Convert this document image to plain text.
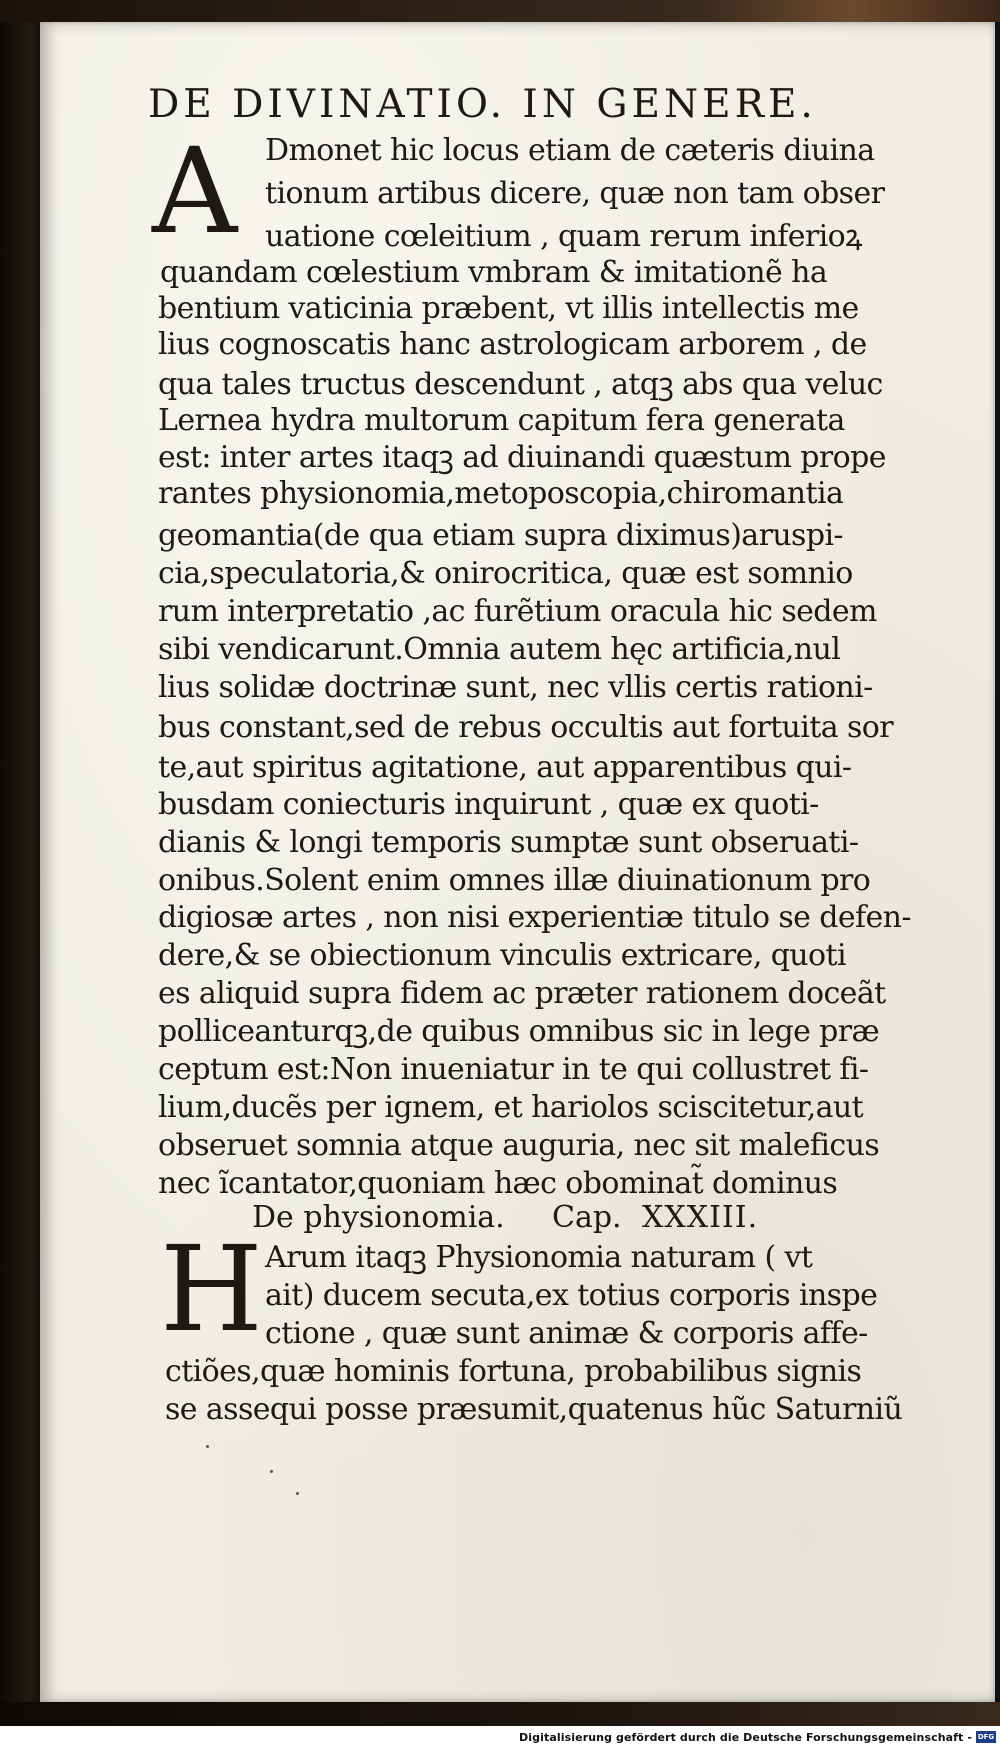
DE DIVINATIO. IN GENERE.
A Dmonet hic locus etiam de cæteris diuina
tionum artibus dicere, quæ non tam obser
uatione cœleitium , quam rerum inferioꝝ
quandam cœlestium vmbram & imitationẽ ha
bentium vaticinia præbent, vt illis intellectis me
lius cognoscatis hanc astrologicam arborem , de
qua tales tructus descendunt , atqꝫ abs qua veluc
Lernea hydra multorum capitum fera generata
est: inter artes itaqꝫ ad diuinandi quæstum prope
rantes physionomia,metoposcopia,chiromantia
geomantia(de qua etiam supra diximus)aruspi-
cia,speculatoria,& onirocritica, quæ est somnio
rum interpretatio ,ac furẽtium oracula hic sedem
sibi vendicarunt.Omnia autem hęc artificia,nul
lius solidæ doctrinæ sunt, nec vllis certis rationi-
bus constant,sed de rebus occultis aut fortuita sor
te,aut spiritus agitatione, aut apparentibus qui-
busdam coniecturis inquirunt , quæ ex quoti-
dianis & longi temporis sumptæ sunt obseruati-
onibus.Solent enim omnes illæ diuinationum pro
digiosæ artes , non nisi experientiæ titulo se defen-
dere,& se obiectionum vinculis extricare, quoti
es aliquid supra fidem ac præter rationem doceãt
polliceanturqꝫ,de quibus omnibus sic in lege præ
ceptum est:Non inueniatur in te qui collustret fi-
lium,ducẽs per ignem, et hariolos sciscitetur,aut
obseruet somnia atque auguria, nec sit maleficus
nec ĩcantator,quoniam hæc obominat̃ dominus
De physionomia. Cap. XXXIII.
H Arum itaqꝫ Physionomia naturam ( vt
ait) ducem secuta,ex totius corporis inspe
ctione , quæ sunt animæ & corporis affe-
ctiões,quæ hominis fortuna, probabilibus signis
se assequi posse præsumit,quatenus hũc Saturniũ
Digitalisierung gefördert durch die Deutsche Forschungsgemeinschaft - DFG
